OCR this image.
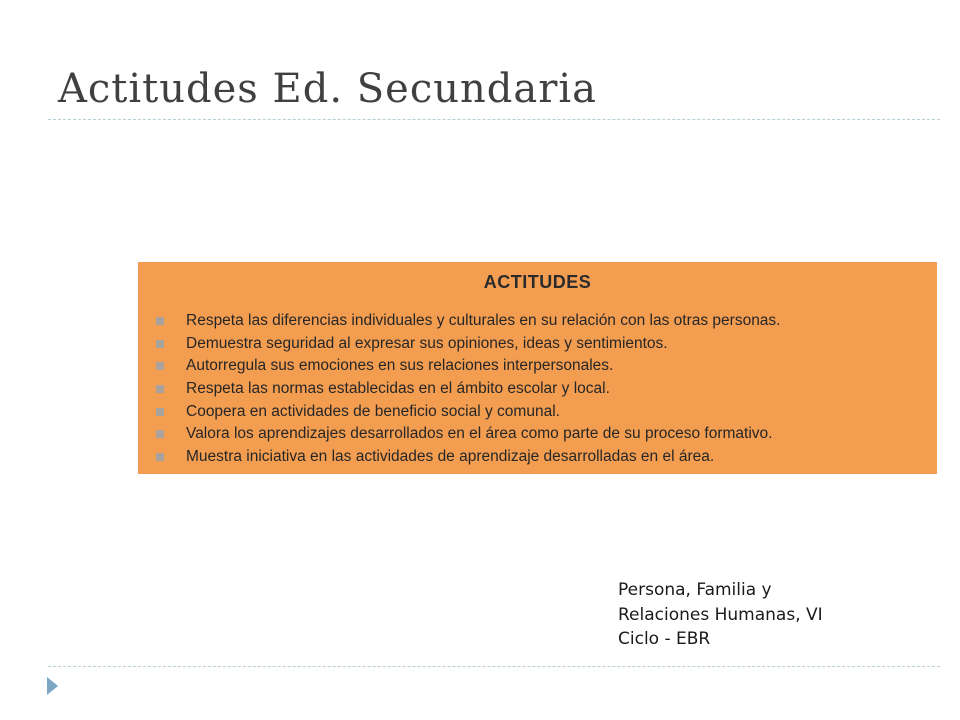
Actitudes Ed. Secundaria
ACTITUDES
Respeta las diferencias individuales y culturales en su relación con las otras personas.
Demuestra seguridad al expresar sus opiniones, ideas y sentimientos.
Autorregula sus emociones en sus relaciones interpersonales.
Respeta las normas establecidas en el ámbito escolar y local.
Coopera en actividades de beneficio social y comunal.
Valora los aprendizajes desarrollados en el área como parte de su proceso formativo.
Muestra iniciativa en las actividades de aprendizaje desarrolladas en el área.
Persona, Familia y
Relaciones Humanas, VI
Ciclo - EBR
